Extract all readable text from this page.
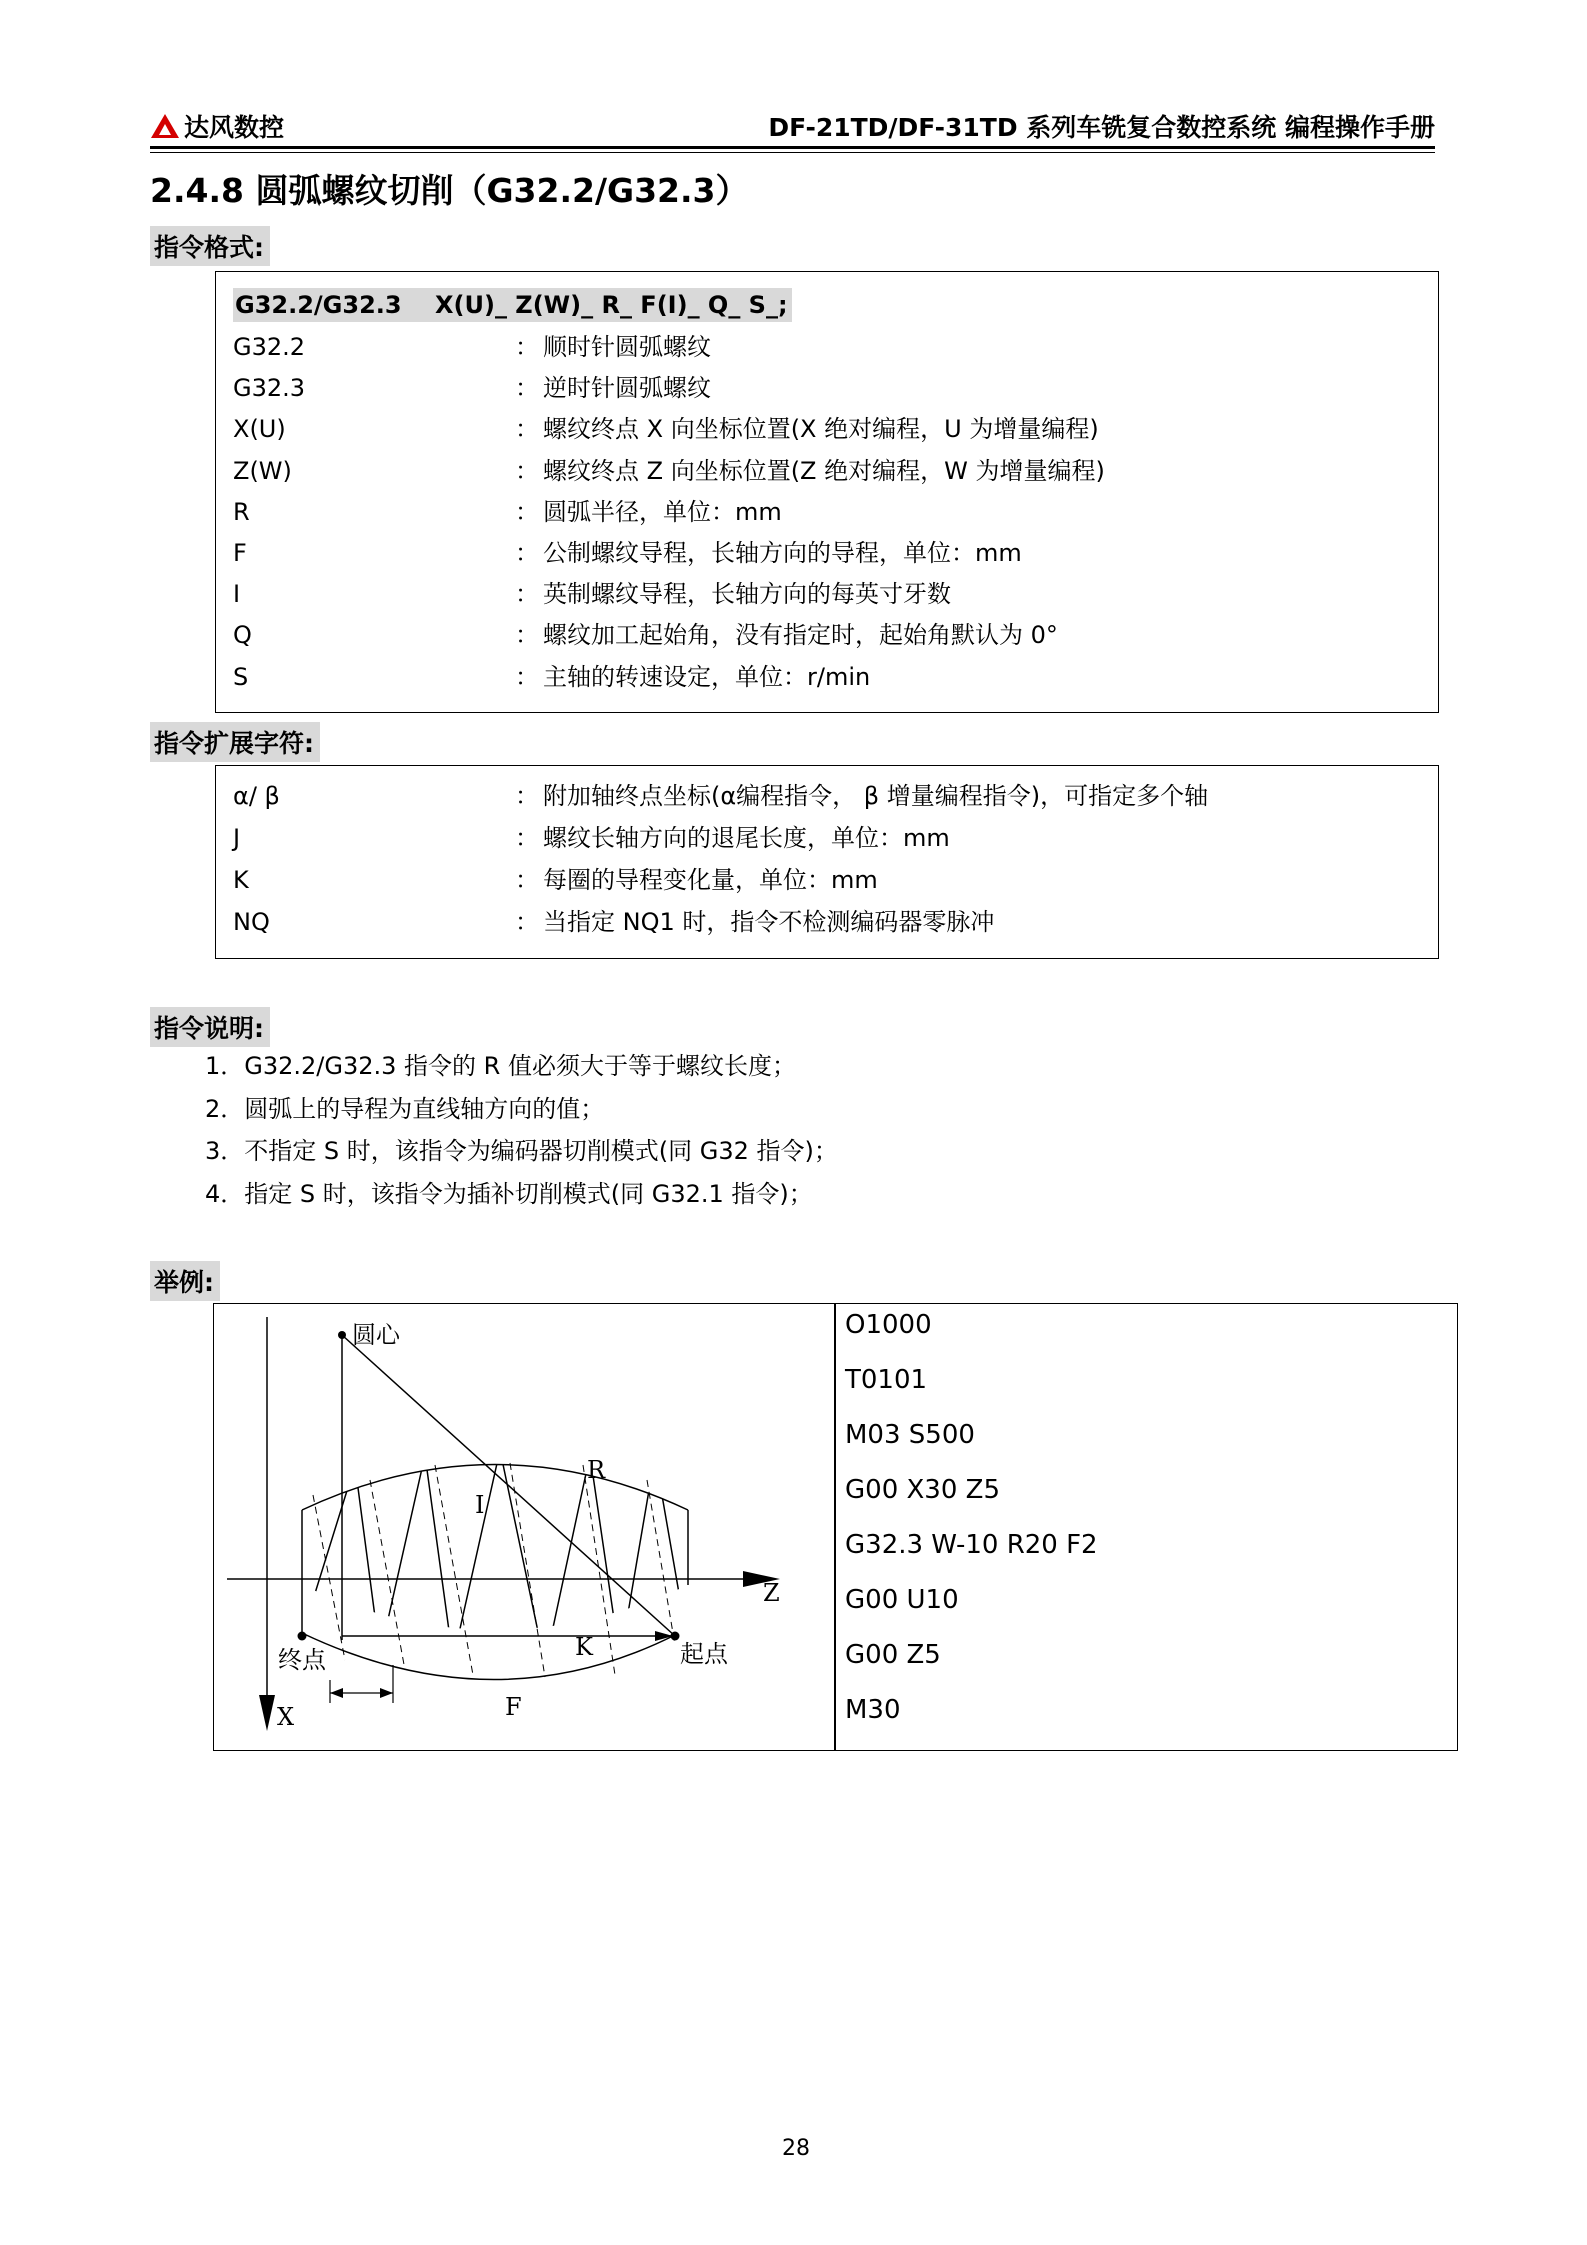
达风数控	DF-21TD/DF-31TD 系列车铣复合数控系统 编程操作手册
2.4.8 圆弧螺纹切削（G32.2/G32.3）
指令格式:
G32.2/G32.3    X(U)_ Z(W)_ R_ F(I)_ Q_ S_;
G32.2	： 顺时针圆弧螺纹
G32.3	： 逆时针圆弧螺纹
X(U)	： 螺纹终点 X 向坐标位置(X 绝对编程，U 为增量编程)
Z(W)	： 螺纹终点 Z 向坐标位置(Z 绝对编程，W 为增量编程)
R	： 圆弧半径，单位：mm
F	： 公制螺纹导程，长轴方向的导程，单位：mm
I	： 英制螺纹导程，长轴方向的每英寸牙数
Q	： 螺纹加工起始角，没有指定时，起始角默认为 0°
S	： 主轴的转速设定，单位：r/min
指令扩展字符:
α/ β	： 附加轴终点坐标(α编程指令， β 增量编程指令)，可指定多个轴
J	： 螺纹长轴方向的退尾长度，单位：mm
K	： 每圈的导程变化量，单位：mm
NQ	： 当指定 NQ1 时，指令不检测编码器零脉冲
指令说明:
1．G32.2/G32.3 指令的 R 值必须大于等于螺纹长度；
2．圆弧上的导程为直线轴方向的值；
3．不指定 S 时，该指令为编码器切削模式(同 G32 指令)；
4．指定 S 时，该指令为插补切削模式(同 G32.1 指令)；
举例:
圆心
R
I
Z
X
终点	起点
K
F
O1000
T0101
M03 S500
G00 X30 Z5
G32.3 W-10 R20 F2
G00 U10
G00 Z5
M30
28
